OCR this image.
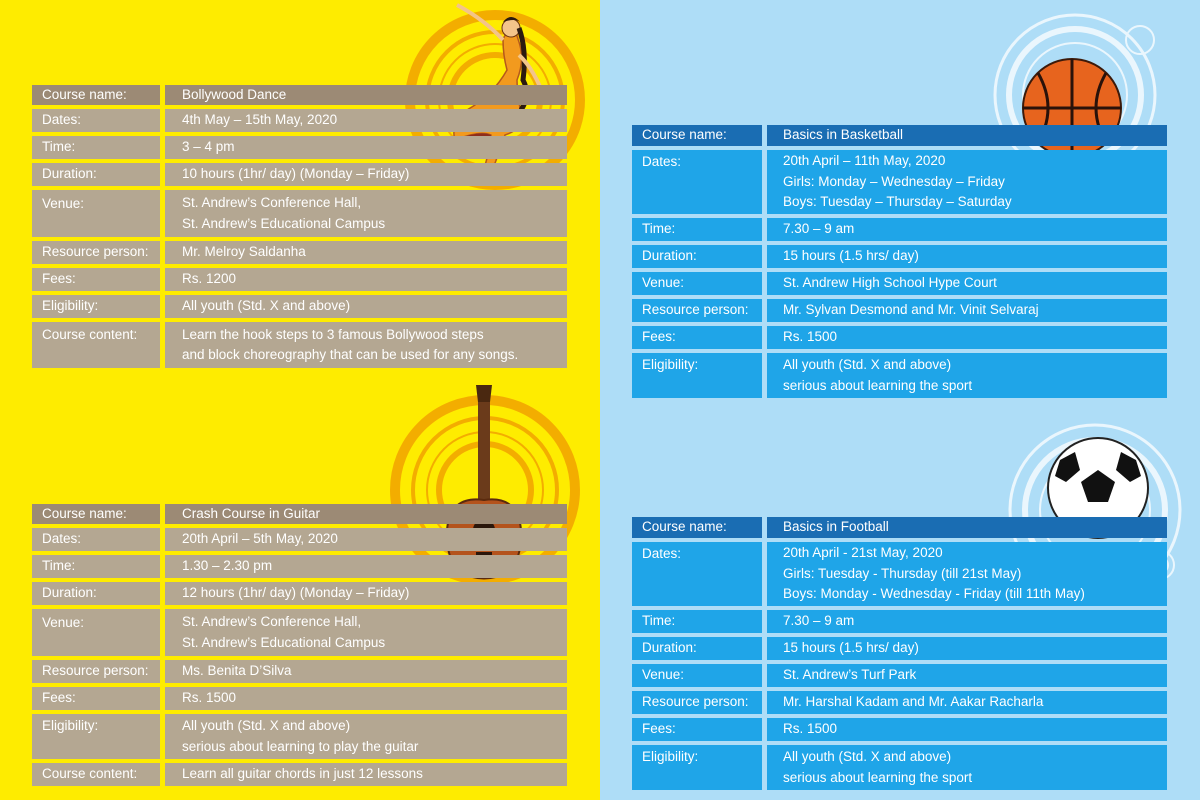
Course name:	Bollywood Dance
Dates:	4th May – 15th May, 2020
Time:	3 – 4 pm
Duration:	10 hours (1hr/ day) (Monday – Friday)
Venue:	St. Andrew’s Conference Hall,
St. Andrew’s Educational Campus
Resource person:	Mr. Melroy Saldanha
Fees:	Rs. 1200
Eligibility:	All youth (Std. X and above)
Course content:	Learn the hook steps to 3 famous Bollywood steps
and block choreography that can be used for any songs.
Course name:	Crash Course in Guitar
Dates:	20th April – 5th May, 2020
Time:	1.30 – 2.30 pm
Duration:	12 hours (1hr/ day) (Monday – Friday)
Venue:	St. Andrew’s Conference Hall,
St. Andrew’s Educational Campus
Resource person:	Ms. Benita D’Silva
Fees:	Rs. 1500
Eligibility:	All youth (Std. X and above)
serious about learning to play the guitar
Course content:	Learn all guitar chords in just 12 lessons
Course name:	Basics in Basketball
Dates:	20th April – 11th May, 2020
Girls: Monday – Wednesday – Friday
Boys: Tuesday – Thursday – Saturday
Time:	7.30 – 9 am
Duration:	15 hours (1.5 hrs/ day)
Venue:	St. Andrew High School Hype Court
Resource person:	Mr. Sylvan Desmond and Mr. Vinit Selvaraj
Fees:	Rs. 1500
Eligibility:	All youth (Std. X and above)
serious about learning the sport
Course name:	Basics in Football
Dates:	20th April - 21st May, 2020
Girls: Tuesday - Thursday (till 21st May)
Boys: Monday - Wednesday - Friday (till 11th May)
Time:	7.30 – 9 am
Duration:	15 hours (1.5 hrs/ day)
Venue:	St. Andrew’s Turf Park
Resource person:	Mr. Harshal Kadam and Mr. Aakar Racharla
Fees:	Rs. 1500
Eligibility:	All youth (Std. X and above)
serious about learning the sport
